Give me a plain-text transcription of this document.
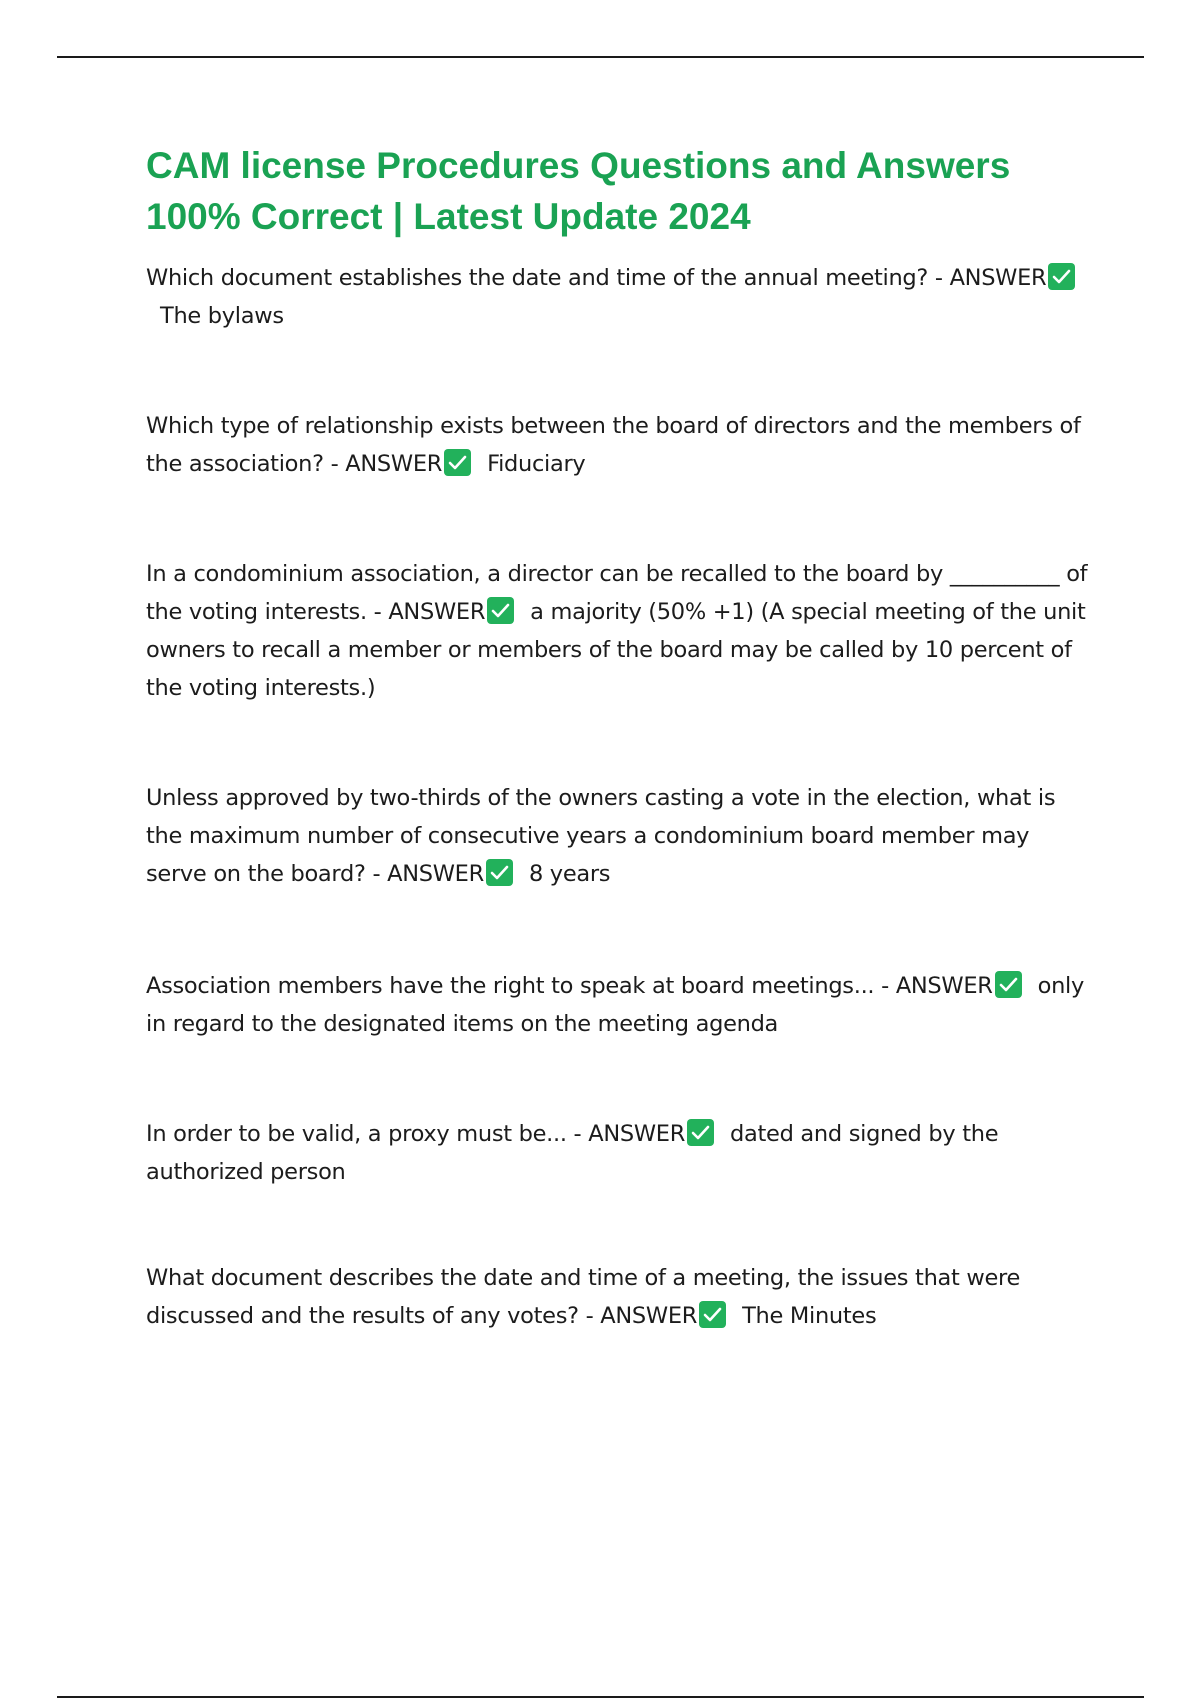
CAM license Procedures Questions and Answers 100% Correct | Latest Update 2024

Which document establishes the date and time of the annual meeting? - ANSWER
The bylaws

Which type of relationship exists between the board of directors and the members of the association? - ANSWER Fiduciary

In a condominium association, a director can be recalled to the board by __________ of the voting interests. - ANSWER a majority (50% +1) (A special meeting of the unit owners to recall a member or members of the board may be called by 10 percent of the voting interests.)

Unless approved by two-thirds of the owners casting a vote in the election, what is the maximum number of consecutive years a condominium board member may serve on the board? - ANSWER 8 years

Association members have the right to speak at board meetings... - ANSWER only in regard to the designated items on the meeting agenda

In order to be valid, a proxy must be... - ANSWER dated and signed by the authorized person

What document describes the date and time of a meeting, the issues that were discussed and the results of any votes? - ANSWER The Minutes
